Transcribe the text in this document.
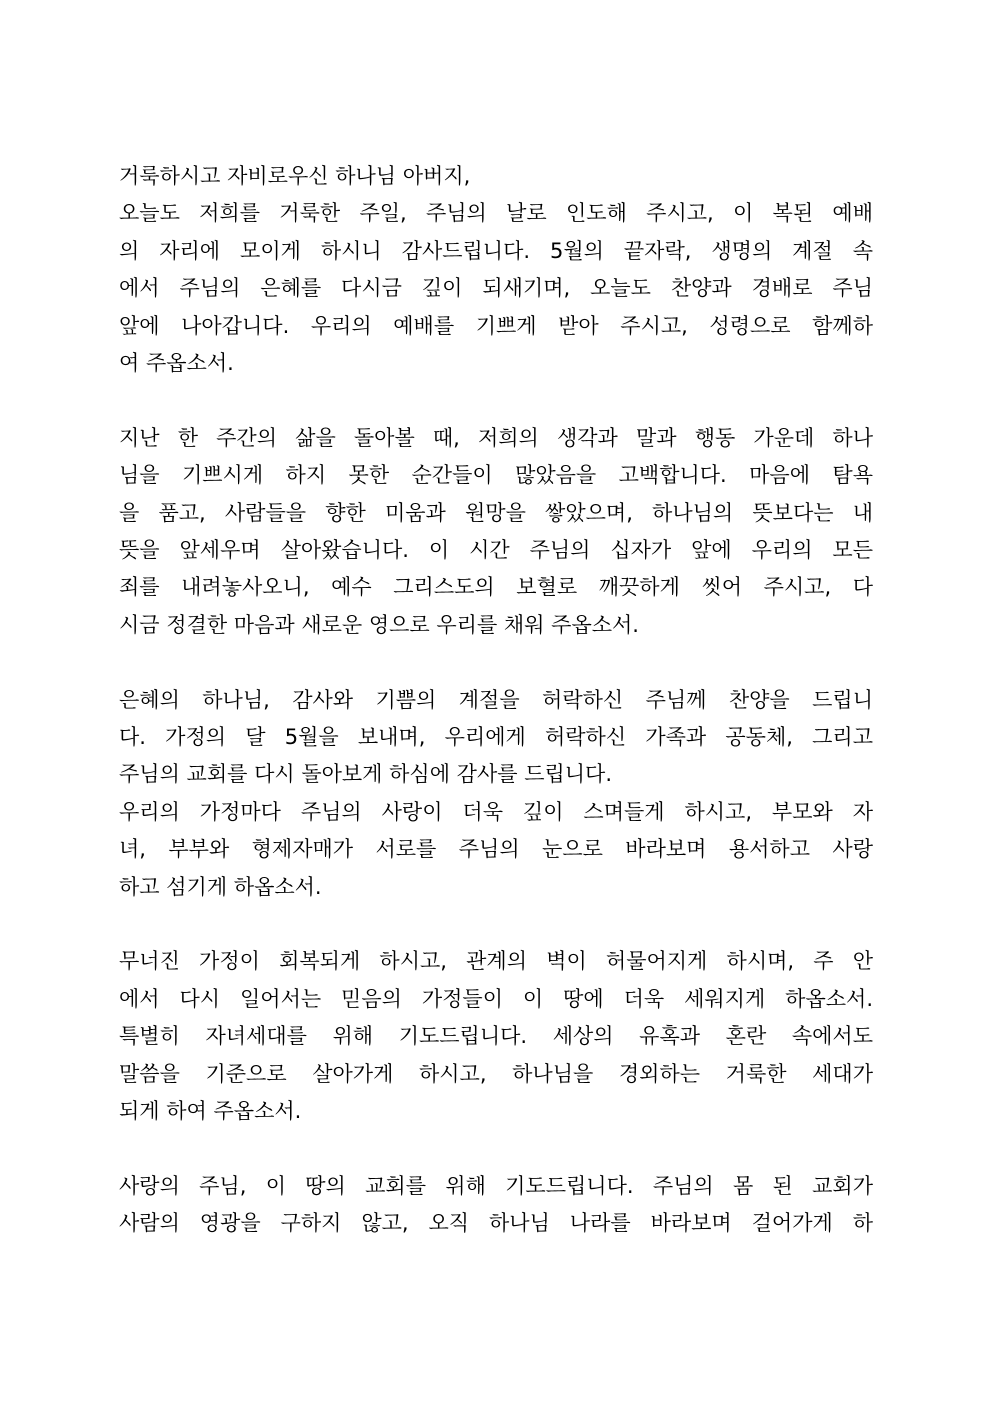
거룩하시고 자비로우신 하나님 아버지,
오늘도 저희를 거룩한 주일, 주님의 날로 인도해 주시고, 이 복된 예배
의 자리에 모이게 하시니 감사드립니다. 5월의 끝자락, 생명의 계절 속
에서 주님의 은혜를 다시금 깊이 되새기며, 오늘도 찬양과 경배로 주님
앞에 나아갑니다. 우리의 예배를 기쁘게 받아 주시고, 성령으로 함께하
여 주옵소서.
지난 한 주간의 삶을 돌아볼 때, 저희의 생각과 말과 행동 가운데 하나
님을 기쁘시게 하지 못한 순간들이 많았음을 고백합니다. 마음에 탐욕
을 품고, 사람들을 향한 미움과 원망을 쌓았으며, 하나님의 뜻보다는 내
뜻을 앞세우며 살아왔습니다. 이 시간 주님의 십자가 앞에 우리의 모든
죄를 내려놓사오니, 예수 그리스도의 보혈로 깨끗하게 씻어 주시고, 다
시금 정결한 마음과 새로운 영으로 우리를 채워 주옵소서.
은혜의 하나님, 감사와 기쁨의 계절을 허락하신 주님께 찬양을 드립니
다. 가정의 달 5월을 보내며, 우리에게 허락하신 가족과 공동체, 그리고
주님의 교회를 다시 돌아보게 하심에 감사를 드립니다.
우리의 가정마다 주님의 사랑이 더욱 깊이 스며들게 하시고, 부모와 자
녀, 부부와 형제자매가 서로를 주님의 눈으로 바라보며 용서하고 사랑
하고 섬기게 하옵소서.
무너진 가정이 회복되게 하시고, 관계의 벽이 허물어지게 하시며, 주 안
에서 다시 일어서는 믿음의 가정들이 이 땅에 더욱 세워지게 하옵소서.
특별히 자녀세대를 위해 기도드립니다. 세상의 유혹과 혼란 속에서도
말씀을 기준으로 살아가게 하시고, 하나님을 경외하는 거룩한 세대가
되게 하여 주옵소서.
사랑의 주님, 이 땅의 교회를 위해 기도드립니다. 주님의 몸 된 교회가
사람의 영광을 구하지 않고, 오직 하나님 나라를 바라보며 걸어가게 하
